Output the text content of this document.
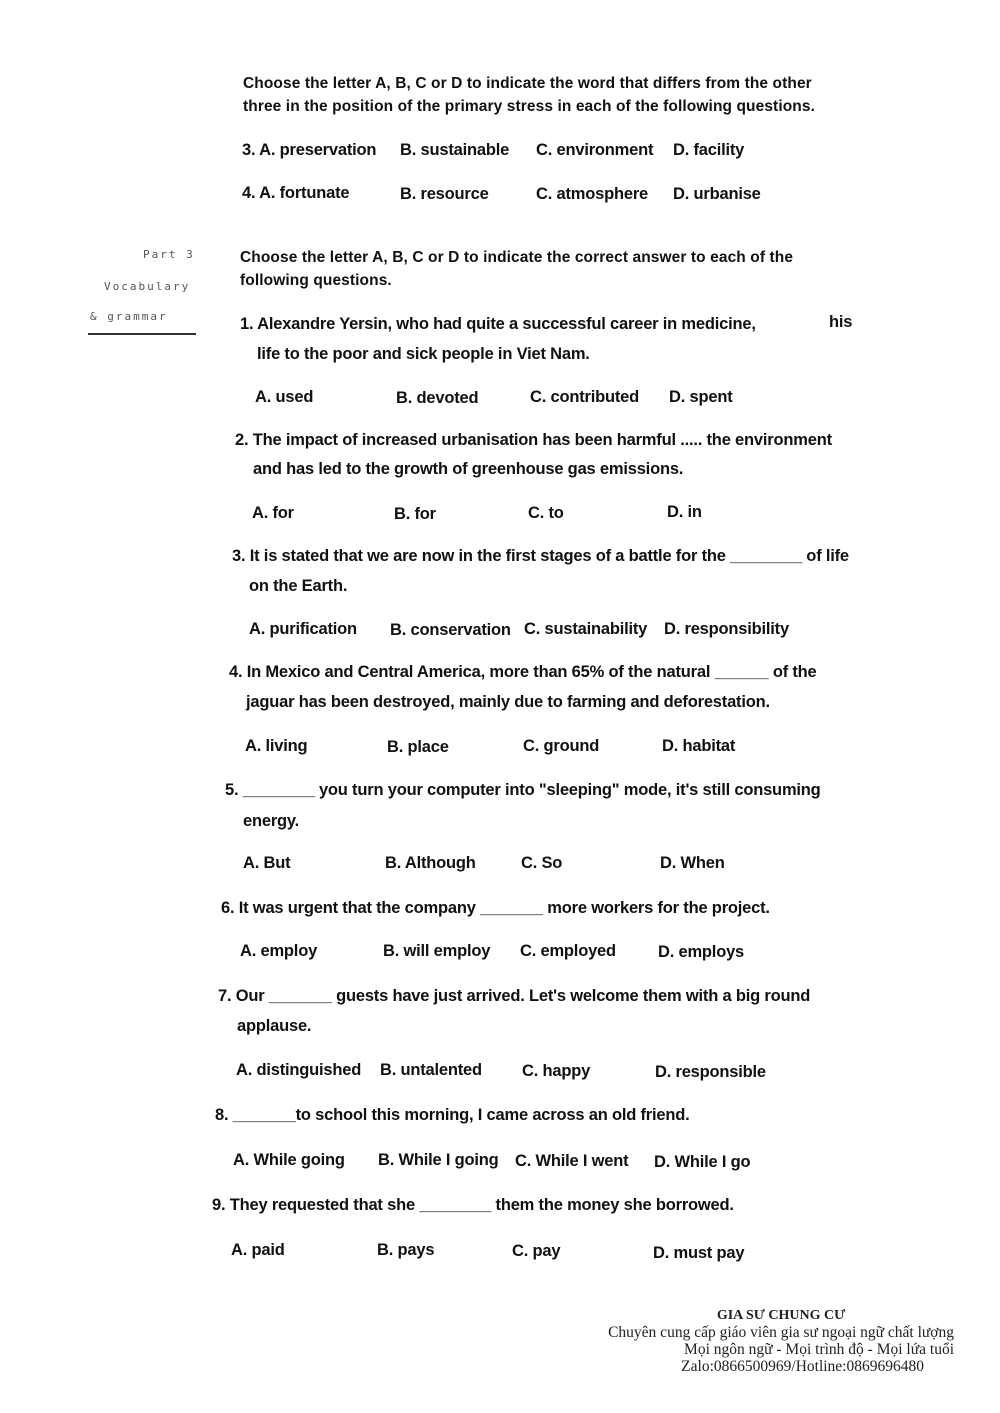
Choose the letter A, B, C or D to indicate the word that differs from the other
three in the position of the primary stress in each of the following questions.
3. A. preservation B. sustainable C. environment D. facility
4. A. fortunate	B. resource	C. atmosphere D. urbanise
Part 3
Vocabulary
& grammar
Choose the letter A, B, C or D to indicate the correct answer to each of the
following questions.
1. Alexandre Yersin, who had quite a successful career in medicine,	his
life to the poor and sick people in Viet Nam.
A. used	B. devoted	C. contributed D. spent
2. The impact of increased urbanisation has been harmful ..... the environment
and has led to the growth of greenhouse gas emissions.
A. for	B. for	C. to	D. in
3. It is stated that we are now in the first stages of a battle for the ________ of life
on the Earth.
A. purification B. conservation C. sustainability D. responsibility
4. In Mexico and Central America, more than 65% of the natural ______ of the
jaguar has been destroyed, mainly due to farming and deforestation.
A. living	B. place	C. ground	D. habitat
5. ________ you turn your computer into "sleeping" mode, it's still consuming
energy.
A. But	B. Although	C. So	D. When
6. It was urgent that the company _______ more workers for the project.
A. employ	B. will employ C. employed	D. employs
7. Our _______ guests have just arrived. Let's welcome them with a big round
applause.
A. distinguished B. untalented C. happy	D. responsible
8. _______to school this morning, I came across an old friend.
A. While going B. While I going C. While I went D. While I go
9. They requested that she ________ them the money she borrowed.
A. paid	B. pays	C. pay	D. must pay
GIA SƯ CHUNG CƯ
Chuyên cung cấp giáo viên gia sư ngoại ngữ chất lượng
Mọi ngôn ngữ - Mọi trình độ - Mọi lứa tuổi
Zalo:0866500969/Hotline:0869696480
